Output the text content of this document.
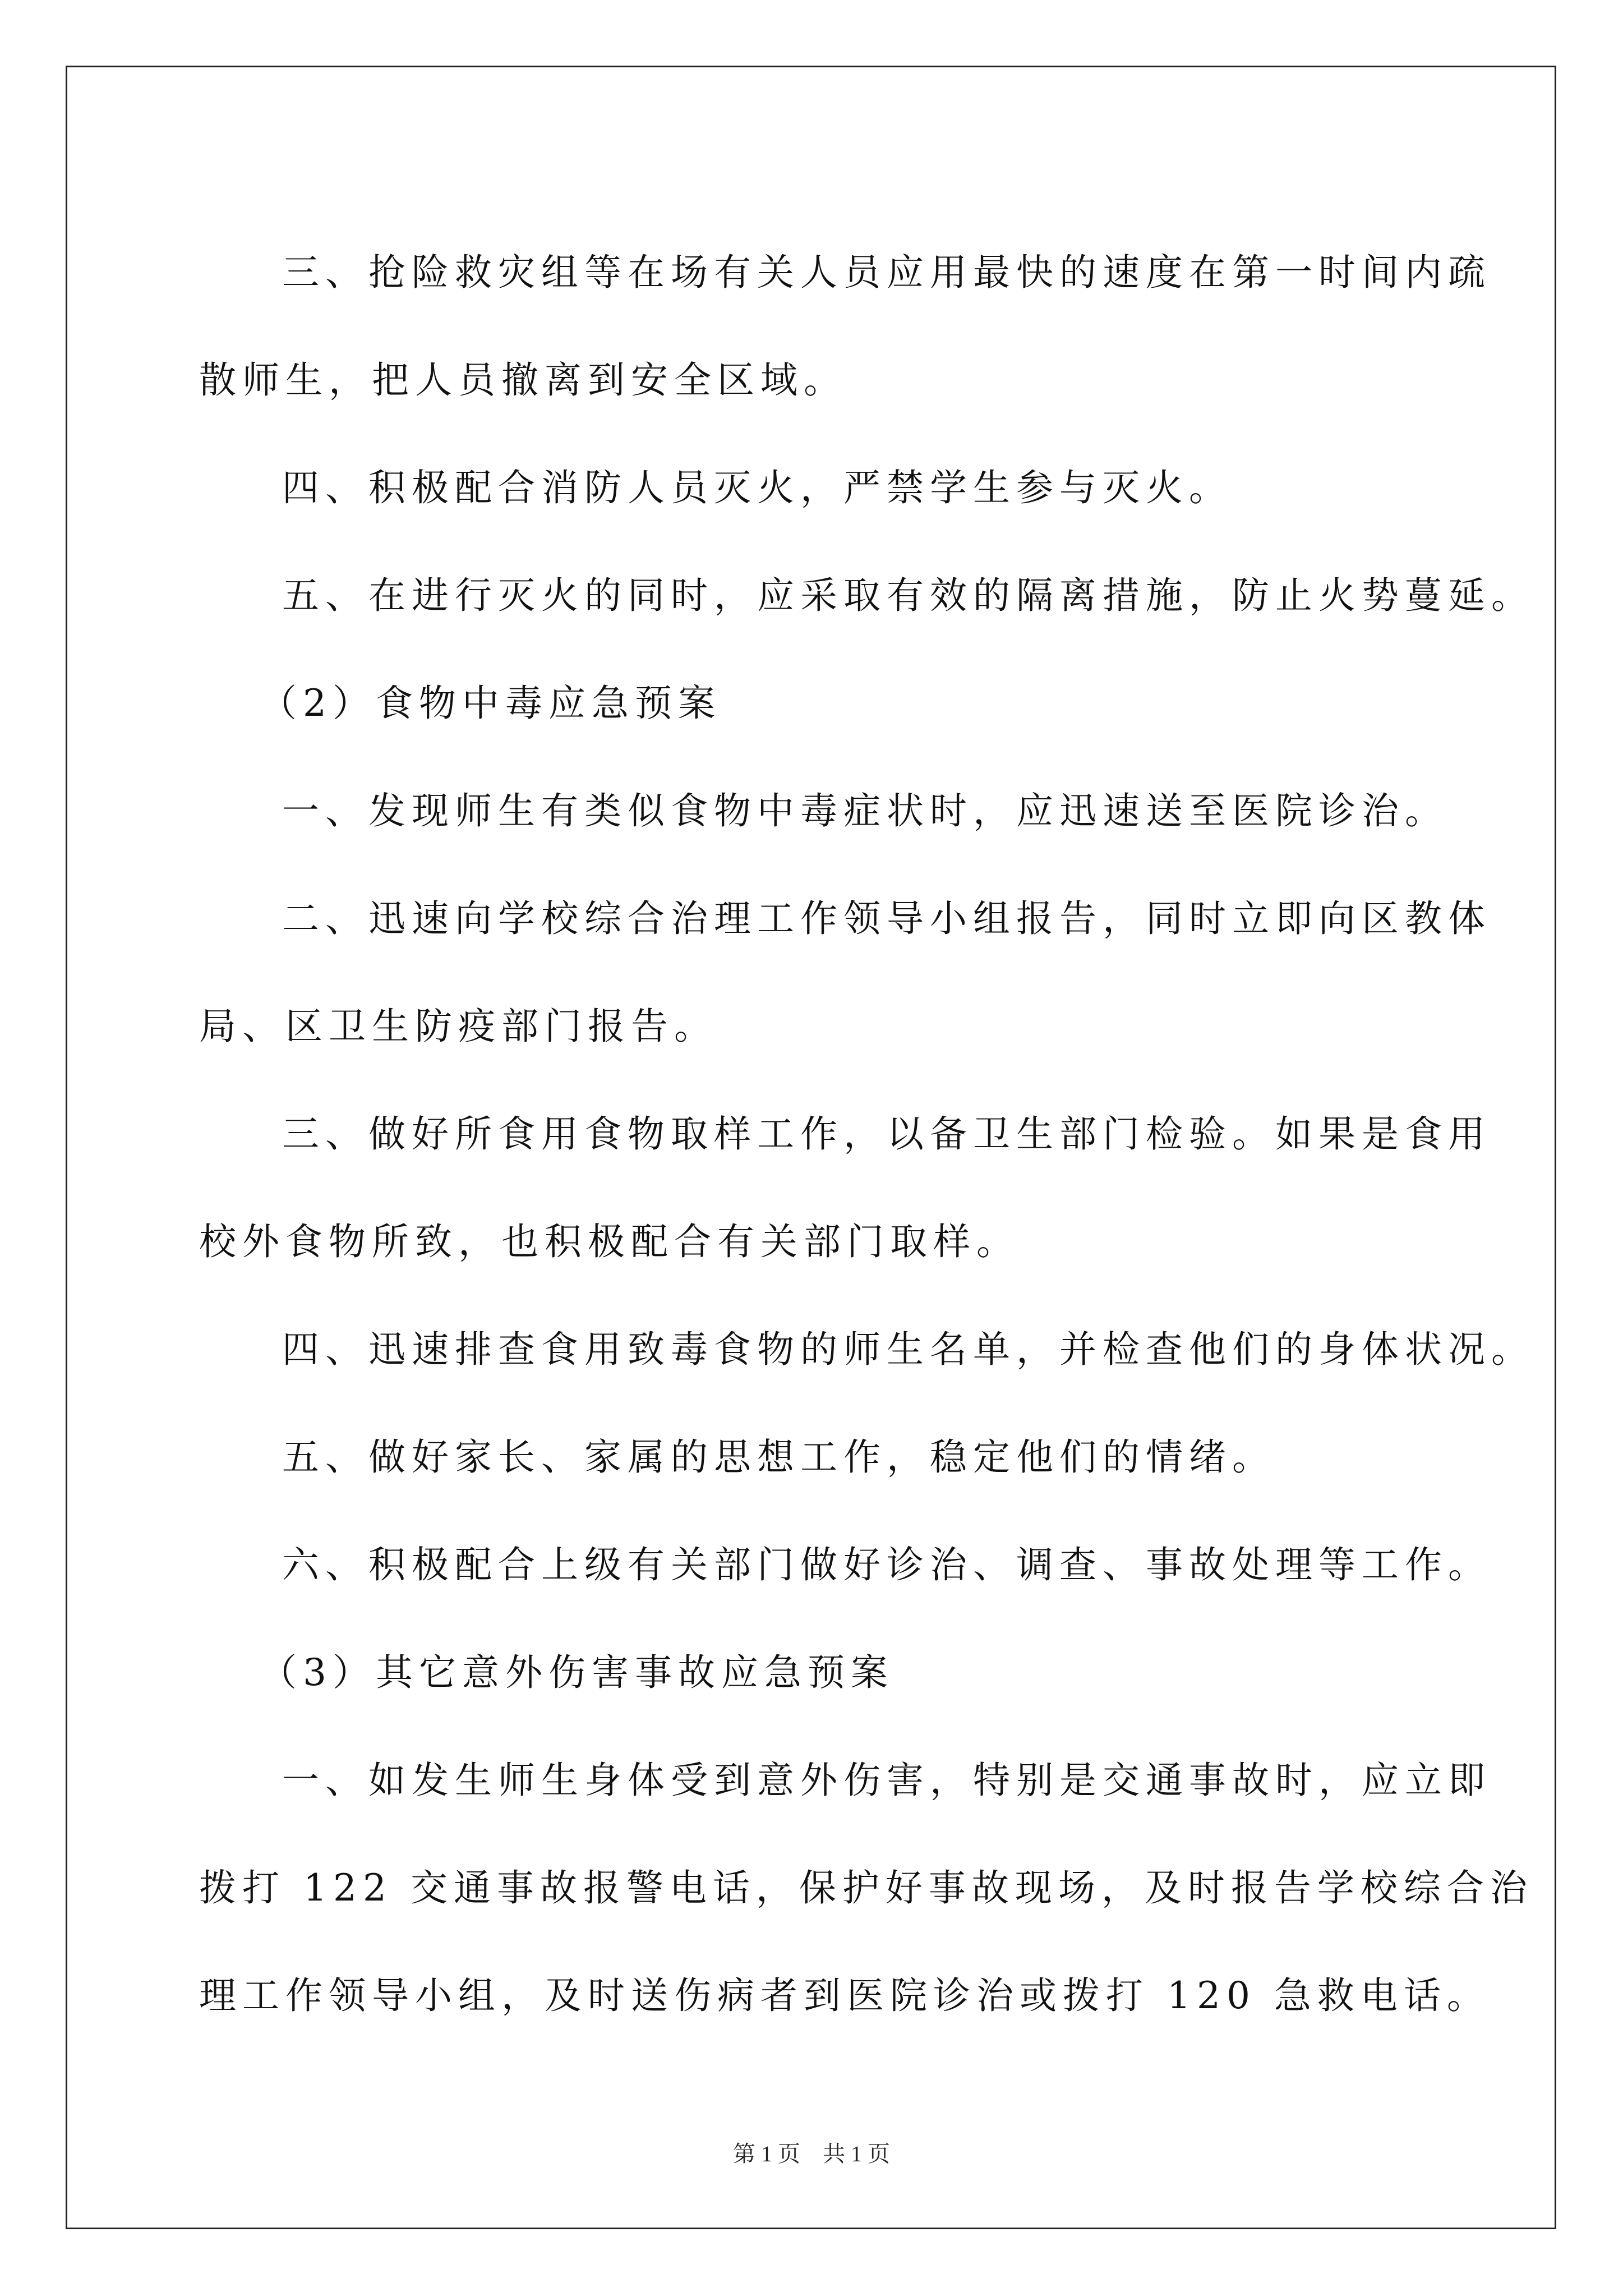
三、抢险救灾组等在场有关人员应用最快的速度在第一时间内疏

散师生，把人员撤离到安全区域。

四、积极配合消防人员灭火，严禁学生参与灭火。

五、在进行灭火的同时，应采取有效的隔离措施，防止火势蔓延。

（2）食物中毒应急预案

一、发现师生有类似食物中毒症状时，应迅速送至医院诊治。

二、迅速向学校综合治理工作领导小组报告，同时立即向区教体

局、区卫生防疫部门报告。

三、做好所食用食物取样工作，以备卫生部门检验。如果是食用

校外食物所致，也积极配合有关部门取样。

四、迅速排查食用致毒食物的师生名单，并检查他们的身体状况。

五、做好家长、家属的思想工作，稳定他们的情绪。

六、积极配合上级有关部门做好诊治、调查、事故处理等工作。

（3）其它意外伤害事故应急预案

一、如发生师生身体受到意外伤害，特别是交通事故时，应立即

拨打 122 交通事故报警电话，保护好事故现场，及时报告学校综合治

理工作领导小组，及时送伤病者到医院诊治或拨打 120 急救电话。

第 1 页　共 1 页
